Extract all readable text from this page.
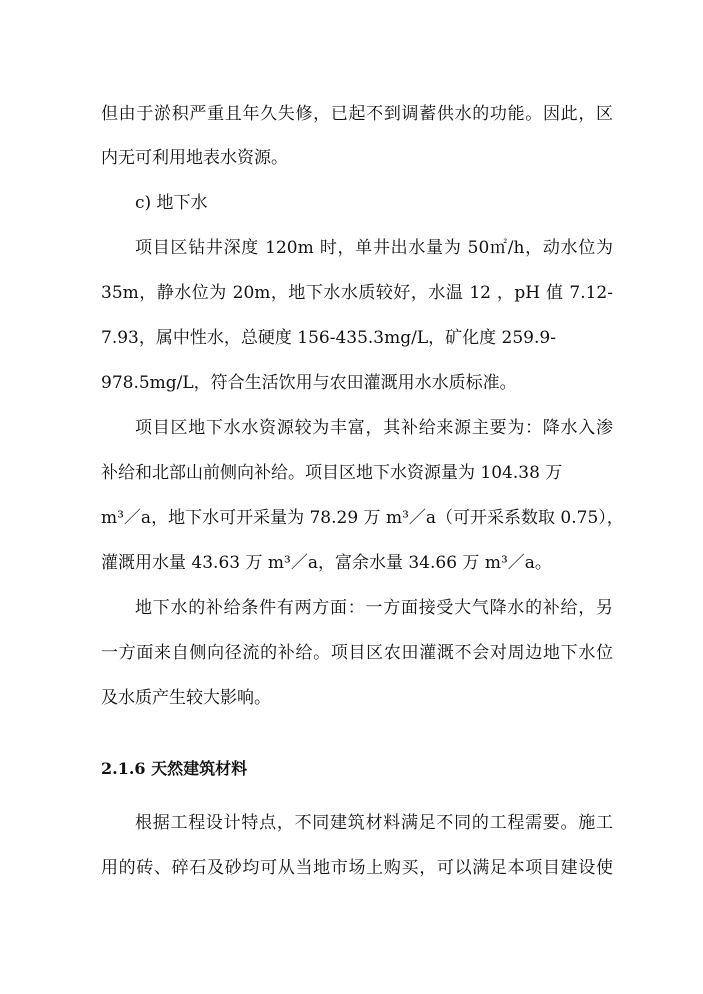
但由于淤积严重且年久失修，已起不到调蓄供水的功能。因此，区
内无可利用地表水资源。
c) 地下水
项目区钻井深度 120m 时，单井出水量为 50㎡/h，动水位为
35m，静水位为 20m，地下水水质较好，水温 12 ，pH 值 7.12-
7.93，属中性水，总硬度 156-435.3mg/L，矿化度 259.9-
978.5mg/L，符合生活饮用与农田灌溉用水水质标准。
项目区地下水水资源较为丰富，其补给来源主要为：降水入渗
补给和北部山前侧向补给。项目区地下水资源量为 104.38 万
m³／a，地下水可开采量为 78.29 万 m³／a（可开采系数取 0.75），
灌溉用水量 43.63 万 m³／a，富余水量 34.66 万 m³／a。
地下水的补给条件有两方面：一方面接受大气降水的补给，另
一方面来自侧向径流的补给。项目区农田灌溉不会对周边地下水位
及水质产生较大影响。
2.1.6 天然建筑材料
根据工程设计特点，不同建筑材料满足不同的工程需要。施工
用的砖、碎石及砂均可从当地市场上购买，可以满足本项目建设使
